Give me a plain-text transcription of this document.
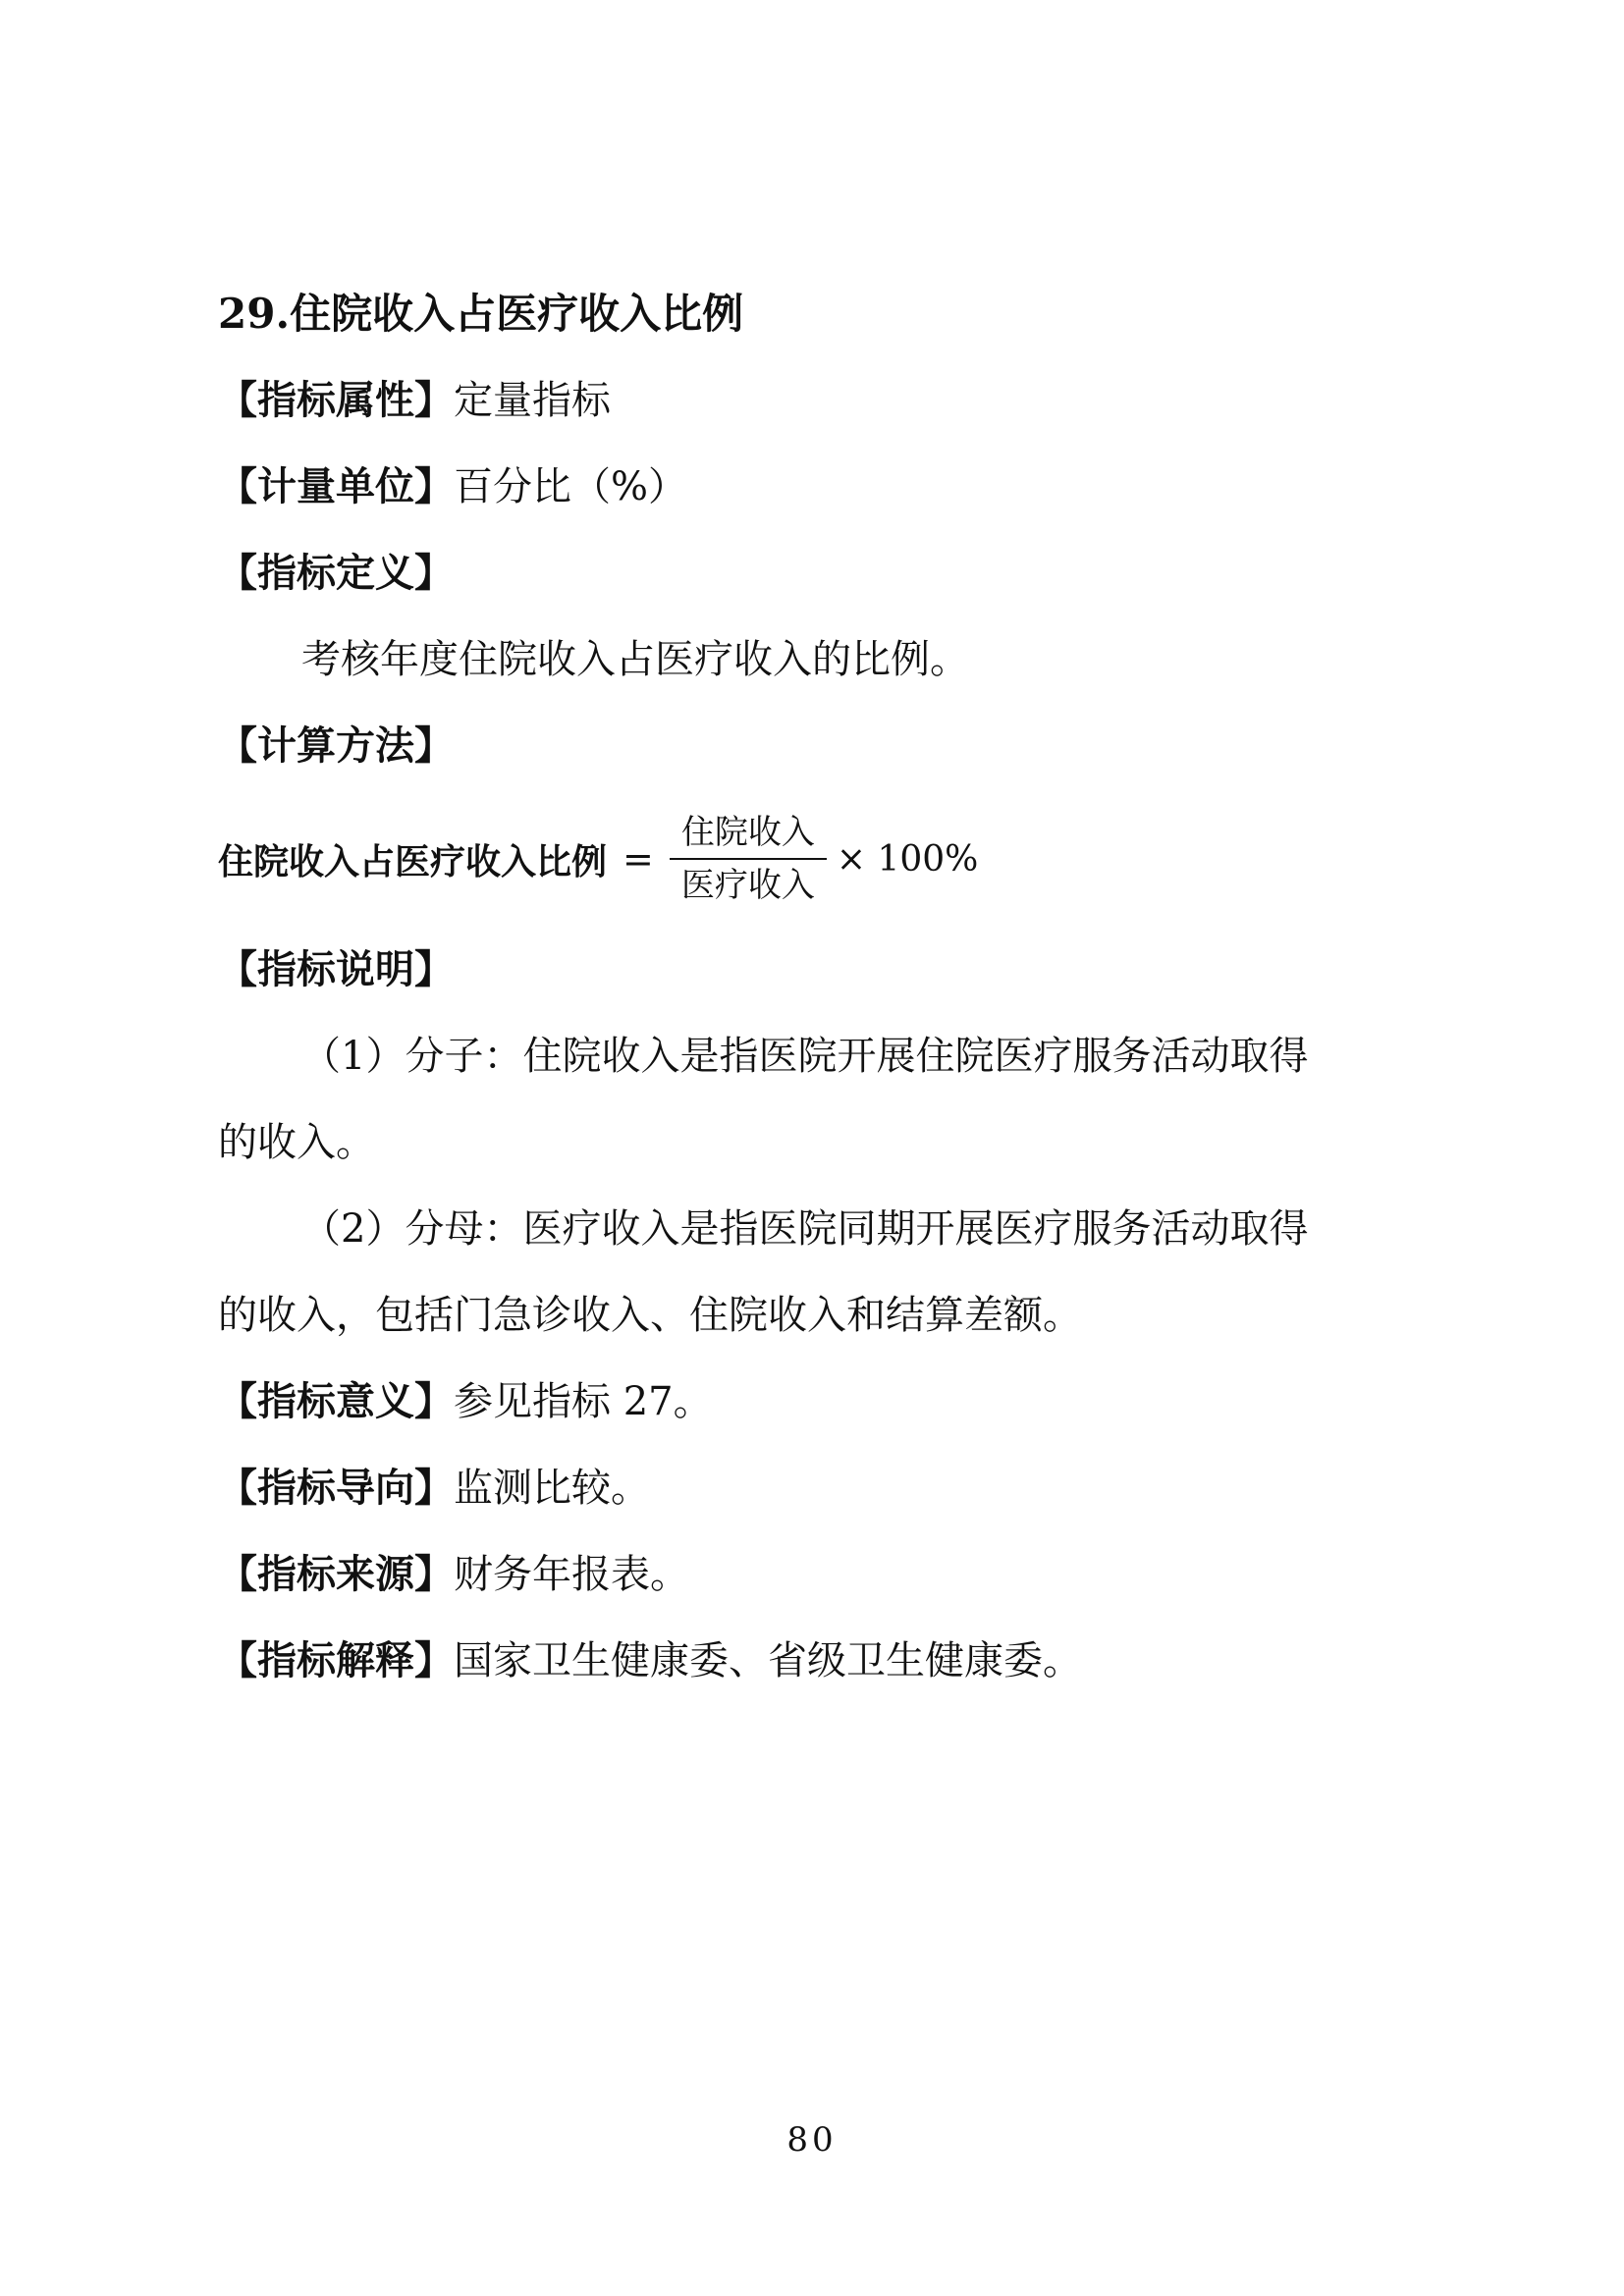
29.住院收入占医疗收入比例
【指标属性】定量指标
【计量单位】百分比（%）
【指标定义】
考核年度住院收入占医疗收入的比例。
【计算方法】
住院收入占医疗收入比例 = $\frac{\text{住院收入}}{\text{医疗收入}} \times 100\%$
【指标说明】
（1）分子：住院收入是指医院开展住院医疗服务活动取得
的收入。
（2）分母：医疗收入是指医院同期开展医疗服务活动取得
的收入，包括门急诊收入、住院收入和结算差额。
【指标意义】参见指标 27。
【指标导向】监测比较。
【指标来源】财务年报表。
【指标解释】国家卫生健康委、省级卫生健康委。
80
